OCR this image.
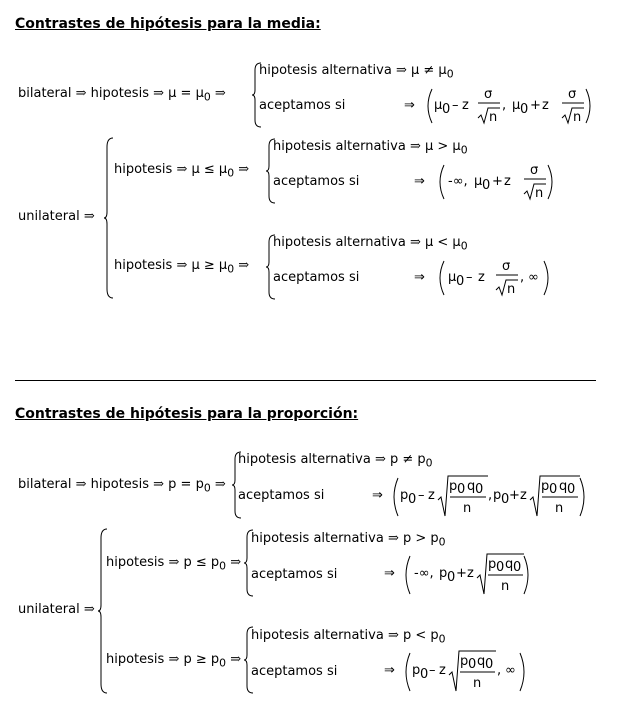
Contrastes de hipótesis para la media:
bilateral ⇒ hipotesis ⇒ $\mu = \mu_0$ ⇒
hipotesis alternativa ⇒ $\mu \ne \mu_0$
aceptamos si	⇒ μ 0 – z
σ
n
, μ 0 + z
σ
n
unilateral ⇒
hipotesis ⇒ $\mu \le \mu_0$ ⇒
hipotesis alternativa ⇒ $\mu > \mu_0$
aceptamos si	⇒ -∞, μ 0 + z
σ
n
hipotesis ⇒ $\mu \ge \mu_0$ ⇒
hipotesis alternativa ⇒ $\mu < \mu_0$
aceptamos si	⇒ μ 0 – z
σ
n
, ∞
Contrastes de hipótesis para la proporción:
bilateral ⇒ hipotesis ⇒ $p = p_0$ ⇒
hipotesis alternativa ⇒ $p \ne p_0$
aceptamos si	⇒ p 0 – z
p 0 q 0
n
, p 0 + z
p 0 q 0
n
unilateral ⇒
hipotesis ⇒ $p \le p_0$ ⇒
hipotesis alternativa ⇒ $p > p_0$
aceptamos si	⇒ -∞, p 0 + z
p 0 q 0
n
hipotesis ⇒ $p \ge p_0$ ⇒
hipotesis alternativa ⇒ $p < p_0$
aceptamos si	⇒ p 0 – z
p 0 q 0
n
, ∞
